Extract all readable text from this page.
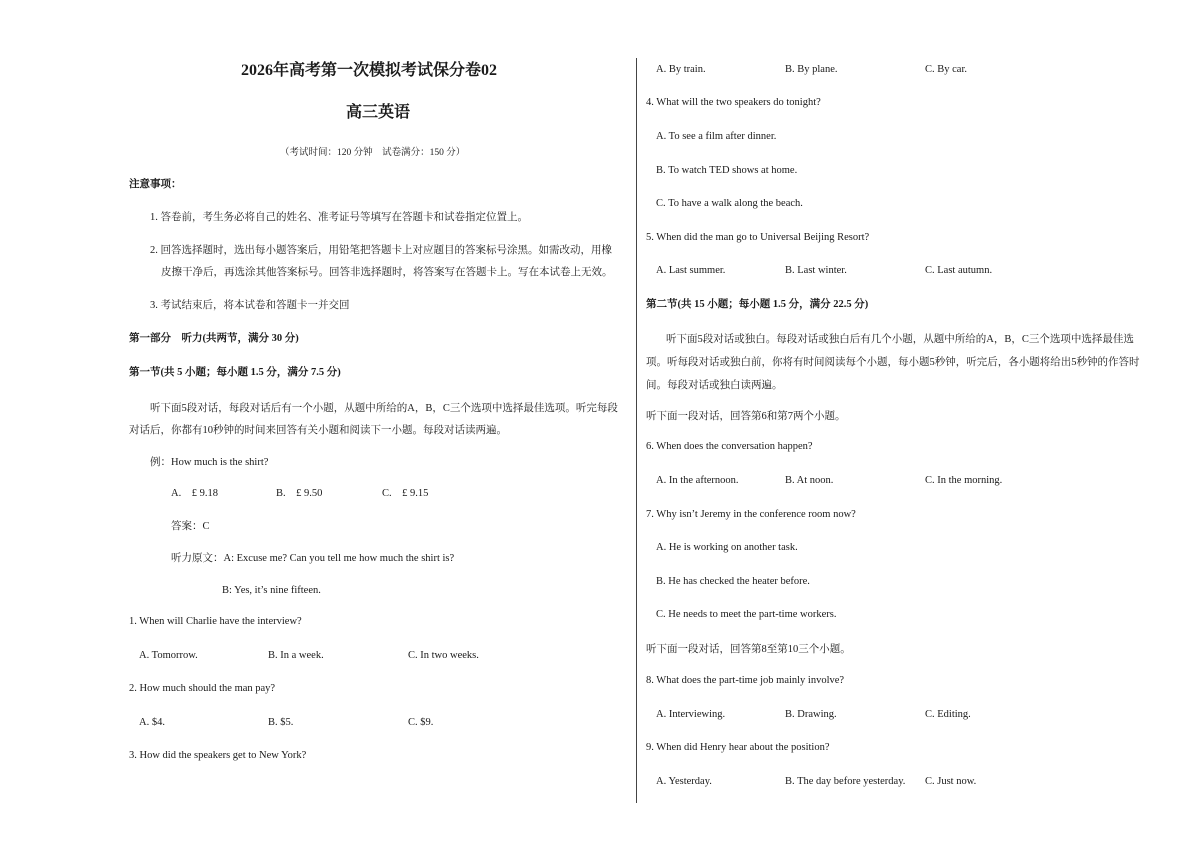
2026年高考第一次模拟考试保分卷02
高三英语
（考试时间：120 分钟　试卷满分：150 分）
注意事项：
1. 答卷前，考生务必将自己的姓名、准考证号等填写在答题卡和试卷指定位置上。
2. 回答选择题时，选出每小题答案后，用铅笔把答题卡上对应题目的答案标号涂黑。如需改动，用橡
皮擦干净后，再选涂其他答案标号。回答非选择题时，将答案写在答题卡上。写在本试卷上无效。
3. 考试结束后，将本试卷和答题卡一并交回
第一部分　听力(共两节，满分 30 分)
第一节(共 5 小题；每小题 1.5 分，满分 7.5 分)
听下面5段对话，每段对话后有一个小题，从题中所给的A，B，C三个选项中选择最佳选项。听完每段
对话后，你都有10秒钟的时间来回答有关小题和阅读下一小题。每段对话读两遍。
例：How much is the shirt?
A.　£ 9.18	B.　£ 9.50	C.　£ 9.15
答案：C
听力原文：A: Excuse me? Can you tell me how much the shirt is?
B: Yes, it’s nine fifteen.
1. When will Charlie have the interview?
A. Tomorrow.	B. In a week.	C. In two weeks.
2. How much should the man pay?
A. $4.	B. $5.	C. $9.
3. How did the speakers get to New York?
A. By train.	B. By plane.	C. By car.
4. What will the two speakers do tonight?
A. To see a film after dinner.
B. To watch TED shows at home.
C. To have a walk along the beach.
5. When did the man go to Universal Beijing Resort?
A. Last summer.	B. Last winter.	C. Last autumn.
第二节(共 15 小题；每小题 1.5 分，满分 22.5 分)
听下面5段对话或独白。每段对话或独白后有几个小题，从题中所给的A，B，C三个选项中选择最佳选项。听每段对话或独白前，你将有时间阅读每个小题，每小题5秒钟，听完后，各小题将给出5秒钟的作答时间。每段对话或独白读两遍。
听下面一段对话，回答第6和第7两个小题。
6. When does the conversation happen?
A. In the afternoon.	B. At noon.	C. In the morning.
7. Why isn’t Jeremy in the conference room now?
A. He is working on another task.
B. He has checked the heater before.
C. He needs to meet the part-time workers.
听下面一段对话，回答第8至第10三个小题。
8. What does the part-time job mainly involve?
A. Interviewing.	B. Drawing.	C. Editing.
9. When did Henry hear about the position?
A. Yesterday.	B. The day before yesterday. C. Just now.
